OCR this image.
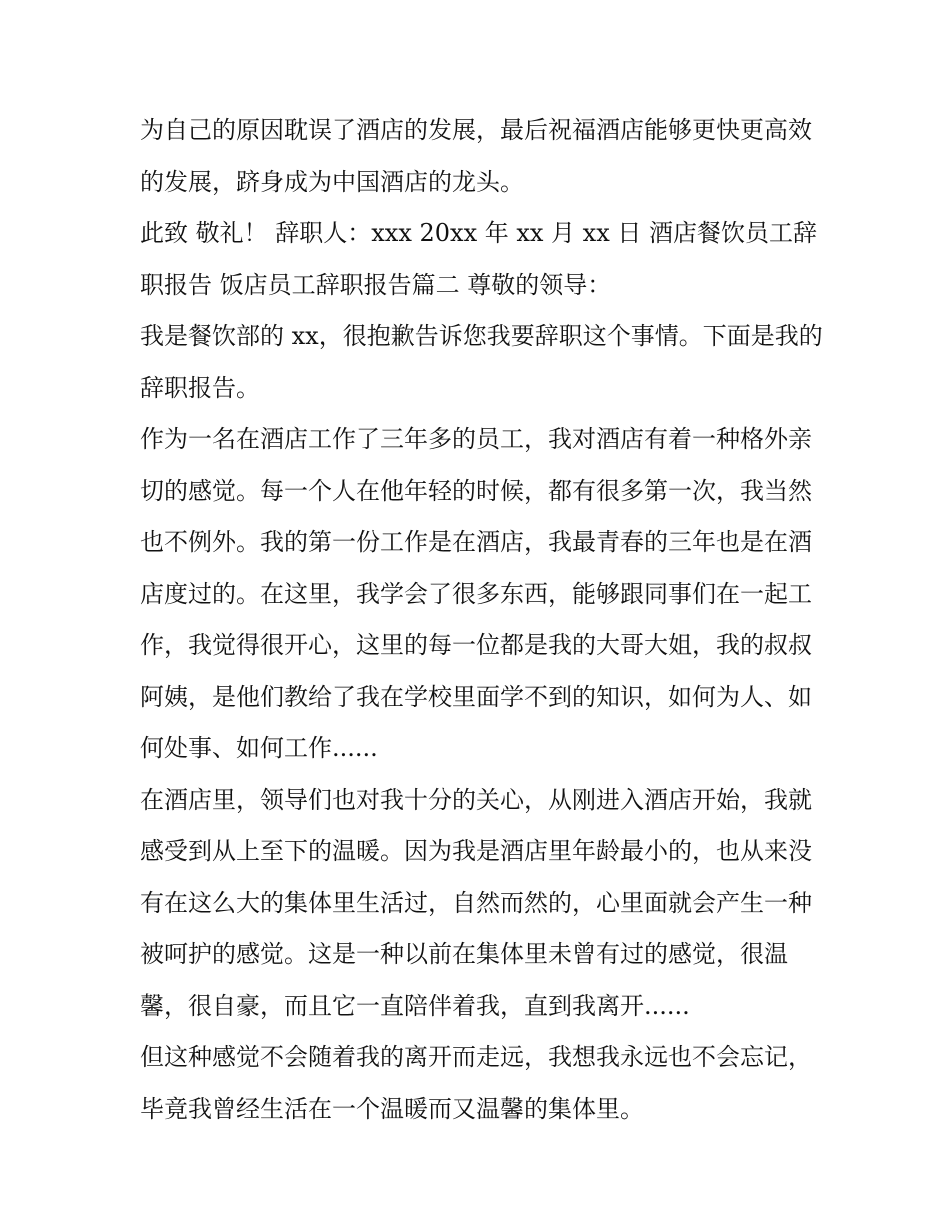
为自己的原因耽误了酒店的发展，最后祝福酒店能够更快更高效的发展，跻身成为中国酒店的龙头。

此致 敬礼！ 辞职人：xxx 20xx 年 xx 月 xx 日 酒店餐饮员工辞职报告 饭店员工辞职报告篇二 尊敬的领导：

我是餐饮部的 xx，很抱歉告诉您我要辞职这个事情。下面是我的辞职报告。

作为一名在酒店工作了三年多的员工，我对酒店有着一种格外亲切的感觉。每一个人在他年轻的时候，都有很多第一次，我当然也不例外。我的第一份工作是在酒店，我最青春的三年也是在酒店度过的。在这里，我学会了很多东西，能够跟同事们在一起工作，我觉得很开心，这里的每一位都是我的大哥大姐，我的叔叔阿姨，是他们教给了我在学校里面学不到的知识，如何为人、如何处事、如何工作......

在酒店里，领导们也对我十分的关心，从刚进入酒店开始，我就感受到从上至下的温暖。因为我是酒店里年龄最小的，也从来没有在这么大的集体里生活过，自然而然的，心里面就会产生一种被呵护的感觉。这是一种以前在集体里未曾有过的感觉，很温馨，很自豪，而且它一直陪伴着我，直到我离开......

但这种感觉不会随着我的离开而走远，我想我永远也不会忘记，毕竟我曾经生活在一个温暖而又温馨的集体里。
